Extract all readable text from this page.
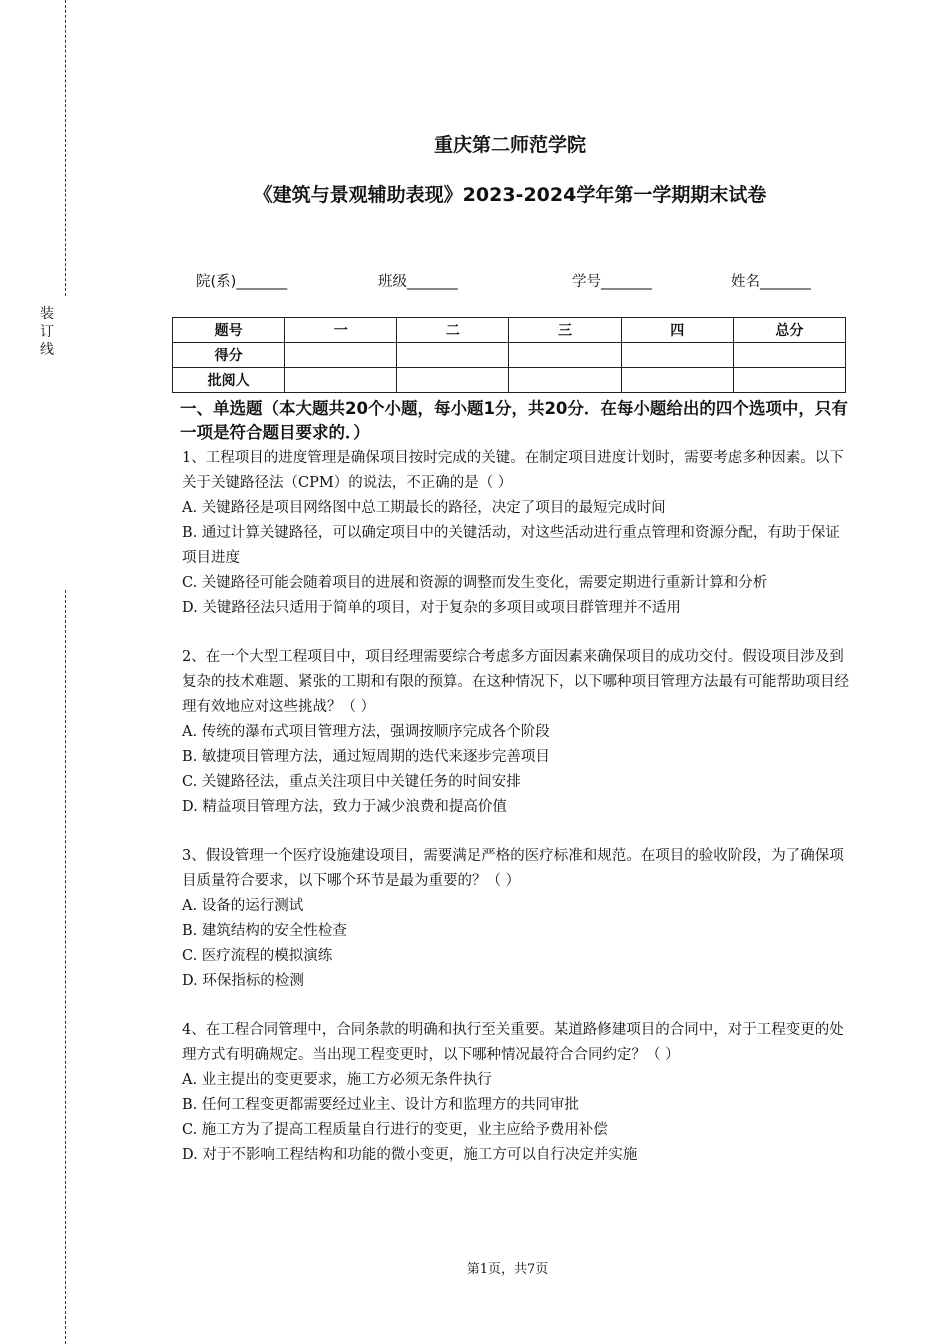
装
订
线
重庆第二师范学院
《建筑与景观辅助表现》2023-2024学年第一学期期末试卷
院(系)_______	班级_______	学号_______	姓名_______
题号	一	二	三	四	总分
得分					
批阅人					
一、单选题（本大题共20个小题，每小题1分，共20分．在每小题给出的四个选项中，只有一项是符合题目要求的．）

1、工程项目的进度管理是确保项目按时完成的关键。在制定项目进度计划时，需要考虑多种因素。以下关于关键路径法（CPM）的说法，不正确的是（ ）

A. 关键路径是项目网络图中总工期最长的路径，决定了项目的最短完成时间

B. 通过计算关键路径，可以确定项目中的关键活动，对这些活动进行重点管理和资源分配，有助于保证项目进度

C. 关键路径可能会随着项目的进展和资源的调整而发生变化，需要定期进行重新计算和分析

D. 关键路径法只适用于简单的项目，对于复杂的多项目或项目群管理并不适用

2、在一个大型工程项目中，项目经理需要综合考虑多方面因素来确保项目的成功交付。假设项目涉及到复杂的技术难题、紧张的工期和有限的预算。在这种情况下，以下哪种项目管理方法最有可能帮助项目经理有效地应对这些挑战？（ ）

A. 传统的瀑布式项目管理方法，强调按顺序完成各个阶段

B. 敏捷项目管理方法，通过短周期的迭代来逐步完善项目

C. 关键路径法，重点关注项目中关键任务的时间安排

D. 精益项目管理方法，致力于减少浪费和提高价值

3、假设管理一个医疗设施建设项目，需要满足严格的医疗标准和规范。在项目的验收阶段，为了确保项目质量符合要求，以下哪个环节是最为重要的？（ ）

A. 设备的运行测试

B. 建筑结构的安全性检查

C. 医疗流程的模拟演练

D. 环保指标的检测

4、在工程合同管理中，合同条款的明确和执行至关重要。某道路修建项目的合同中，对于工程变更的处理方式有明确规定。当出现工程变更时，以下哪种情况最符合合同约定？（ ）

A. 业主提出的变更要求，施工方必须无条件执行

B. 任何工程变更都需要经过业主、设计方和监理方的共同审批

C. 施工方为了提高工程质量自行进行的变更，业主应给予费用补偿

D. 对于不影响工程结构和功能的微小变更，施工方可以自行决定并实施

第1页，共7页
